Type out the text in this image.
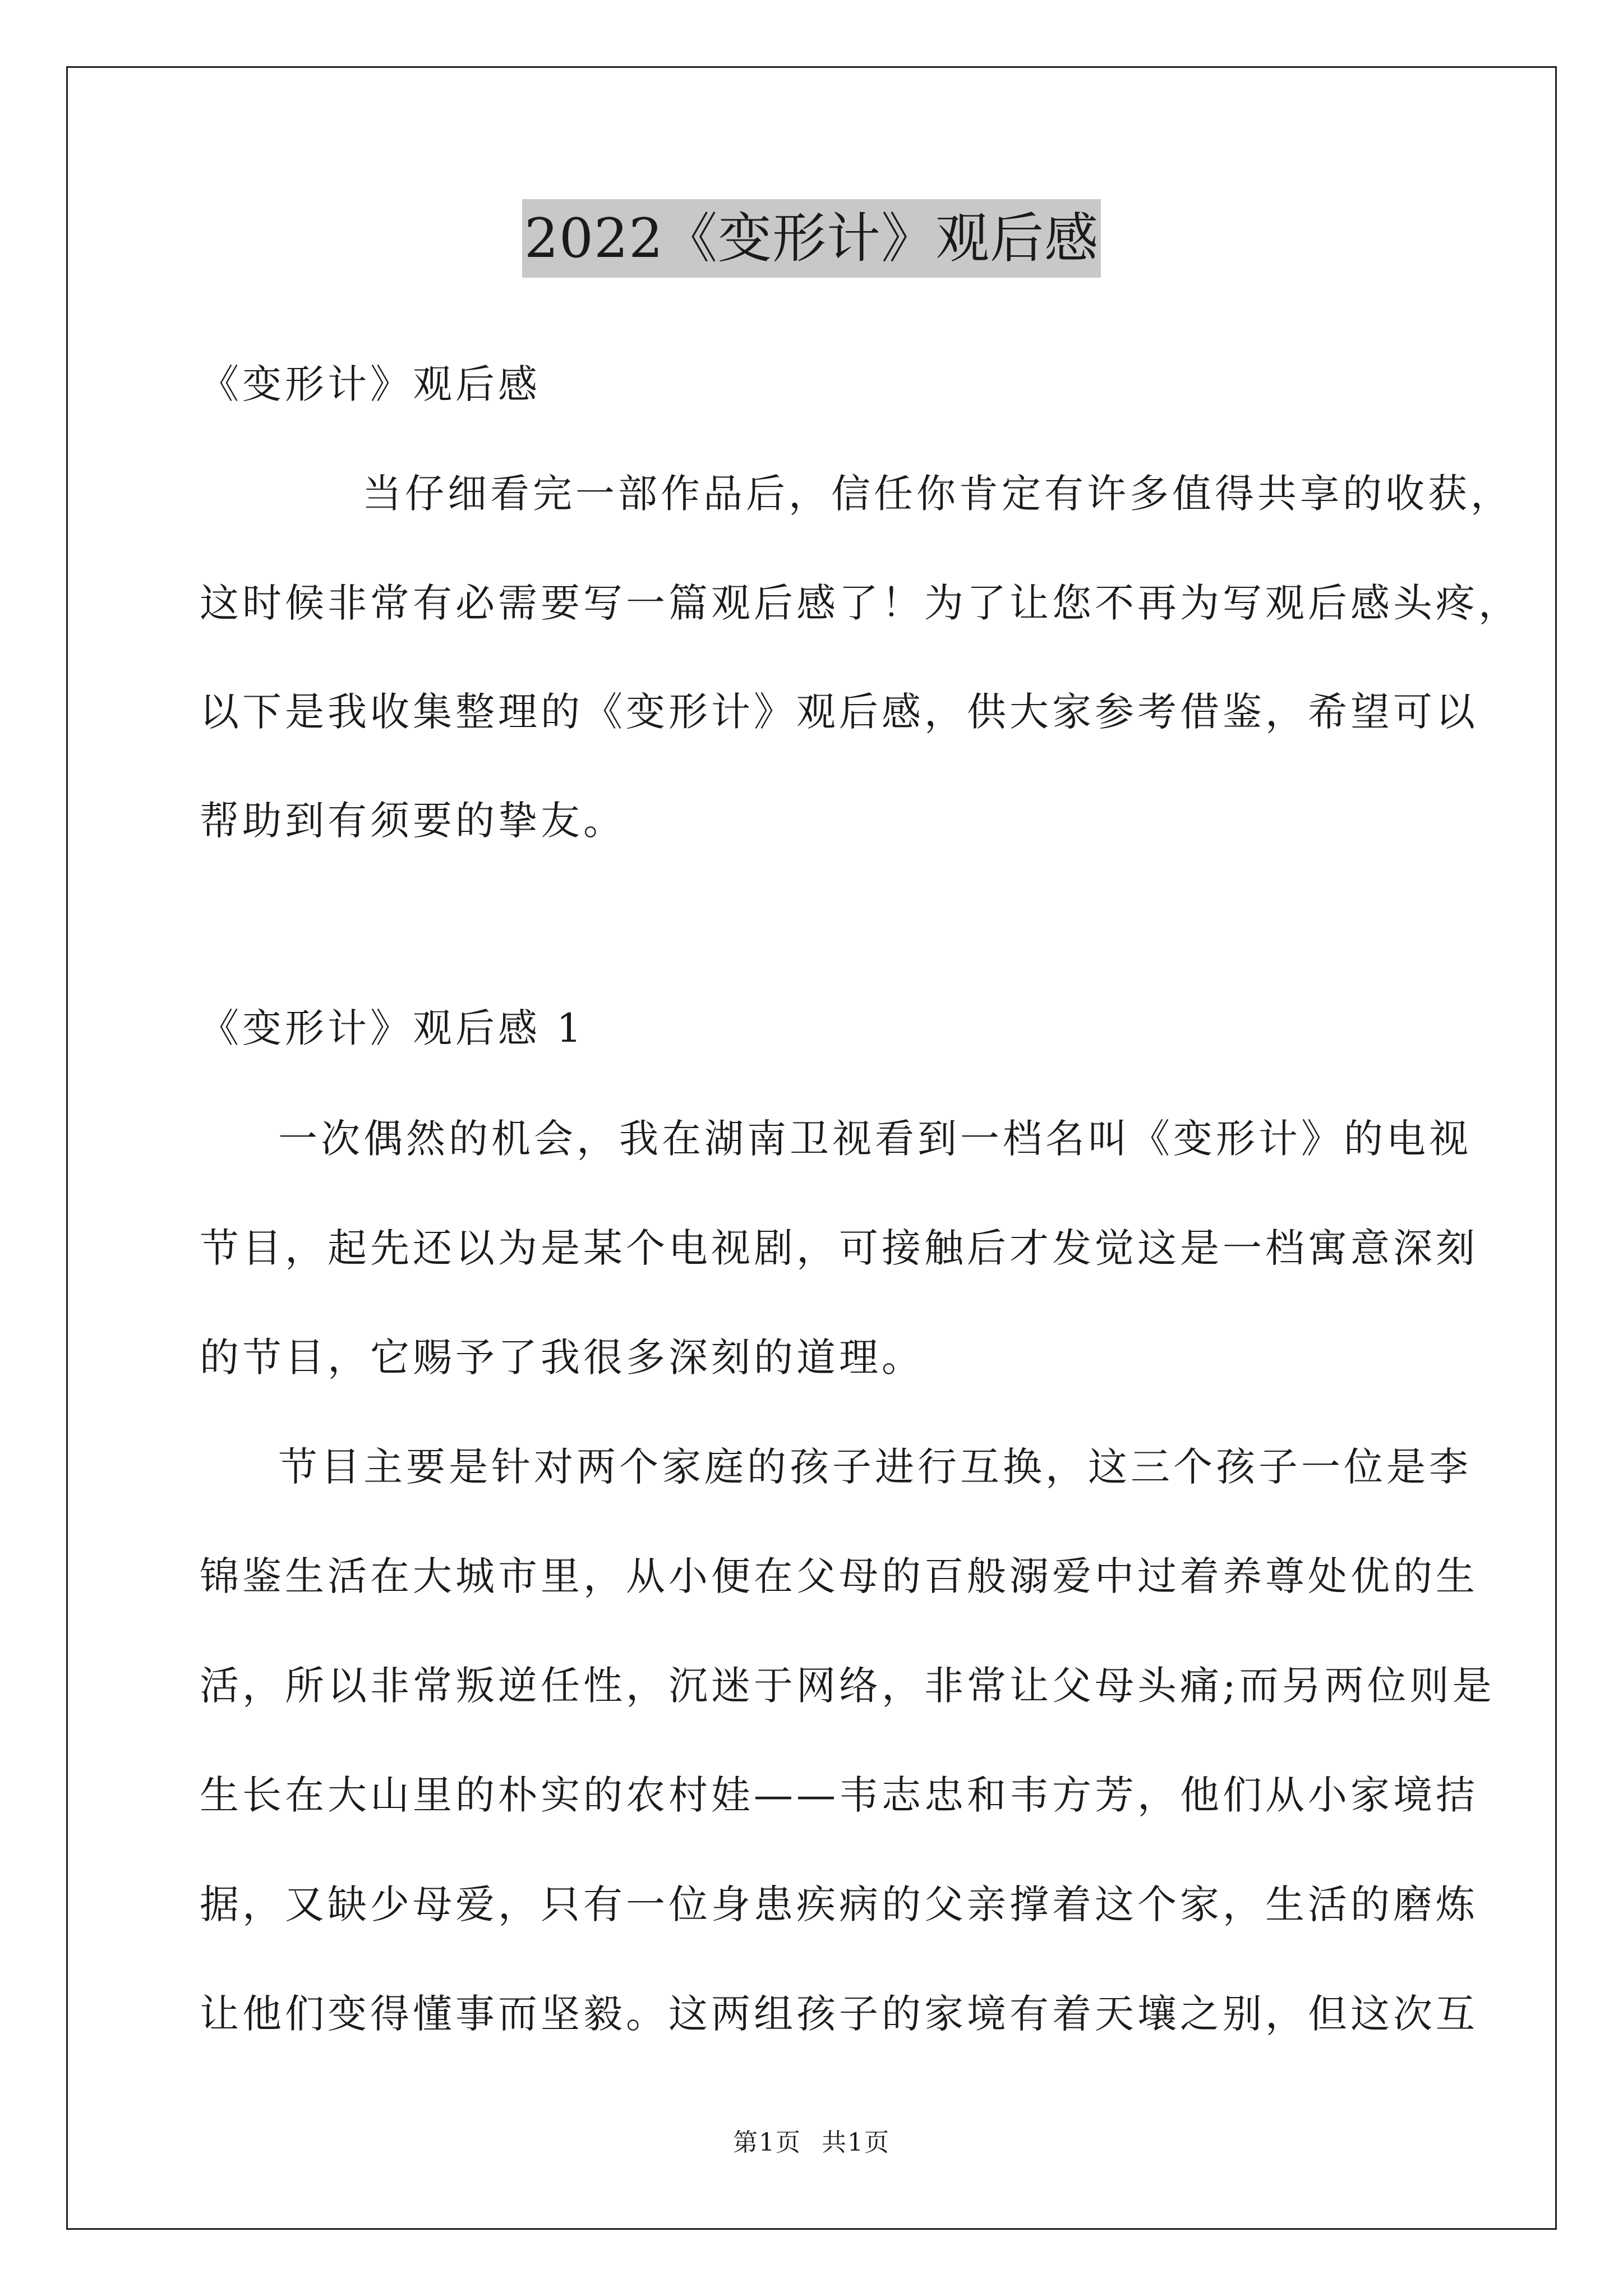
2022《变形计》观后感
《变形计》观后感
当仔细看完一部作品后，信任你肯定有许多值得共享的收获，
这时候非常有必需要写一篇观后感了！为了让您不再为写观后感头疼，
以下是我收集整理的《变形计》观后感，供大家参考借鉴，希望可以
帮助到有须要的挚友。
《变形计》观后感 1
一次偶然的机会，我在湖南卫视看到一档名叫《变形计》的电视
节目，起先还以为是某个电视剧，可接触后才发觉这是一档寓意深刻
的节目，它赐予了我很多深刻的道理。
节目主要是针对两个家庭的孩子进行互换，这三个孩子一位是李
锦鉴生活在大城市里，从小便在父母的百般溺爱中过着养尊处优的生
活，所以非常叛逆任性，沉迷于网络，非常让父母头痛;而另两位则是
生长在大山里的朴实的农村娃——韦志忠和韦方芳，他们从小家境拮
据，又缺少母爱，只有一位身患疾病的父亲撑着这个家，生活的磨炼
让他们变得懂事而坚毅。这两组孩子的家境有着天壤之别，但这次互
第1页 共1页
